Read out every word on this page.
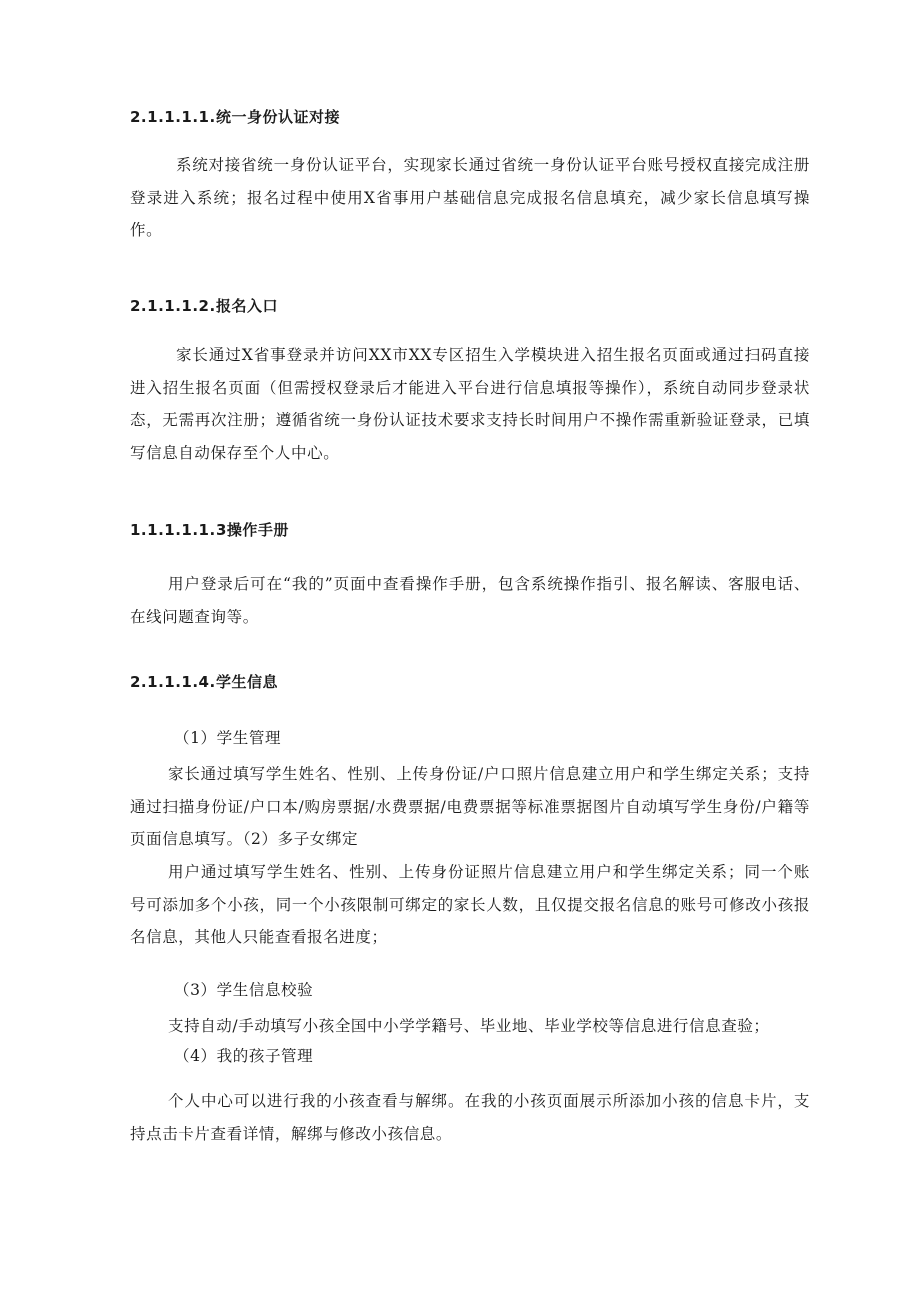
2.1.1.1.1.统一身份认证对接
系统对接省统一身份认证平台，实现家长通过省统一身份认证平台账号授权直接完成注册登录进入系统；报名过程中使用X省事用户基础信息完成报名信息填充，减少家长信息填写操作。
2.1.1.1.2.报名入口
家长通过X省事登录并访问XX市XX专区招生入学模块进入招生报名页面或通过扫码直接进入招生报名页面（但需授权登录后才能进入平台进行信息填报等操作），系统自动同步登录状态，无需再次注册；遵循省统一身份认证技术要求支持长时间用户不操作需重新验证登录，已填写信息自动保存至个人中心。
1.1.1.1.1.3操作手册
用户登录后可在“我的”页面中查看操作手册，包含系统操作指引、报名解读、客服电话、在线问题查询等。
2.1.1.1.4.学生信息
（1）学生管理
家长通过填写学生姓名、性别、上传身份证/户口照片信息建立用户和学生绑定关系；支持通过扫描身份证/户口本/购房票据/水费票据/电费票据等标准票据图片自动填写学生身份/户籍等页面信息填写。（2）多子女绑定
用户通过填写学生姓名、性别、上传身份证照片信息建立用户和学生绑定关系；同一个账号可添加多个小孩，同一个小孩限制可绑定的家长人数，且仅提交报名信息的账号可修改小孩报名信息，其他人只能查看报名进度；
（3）学生信息校验
支持自动/手动填写小孩全国中小学学籍号、毕业地、毕业学校等信息进行信息查验；
（4）我的孩子管理
个人中心可以进行我的小孩查看与解绑。在我的小孩页面展示所添加小孩的信息卡片，支持点击卡片查看详情，解绑与修改小孩信息。
